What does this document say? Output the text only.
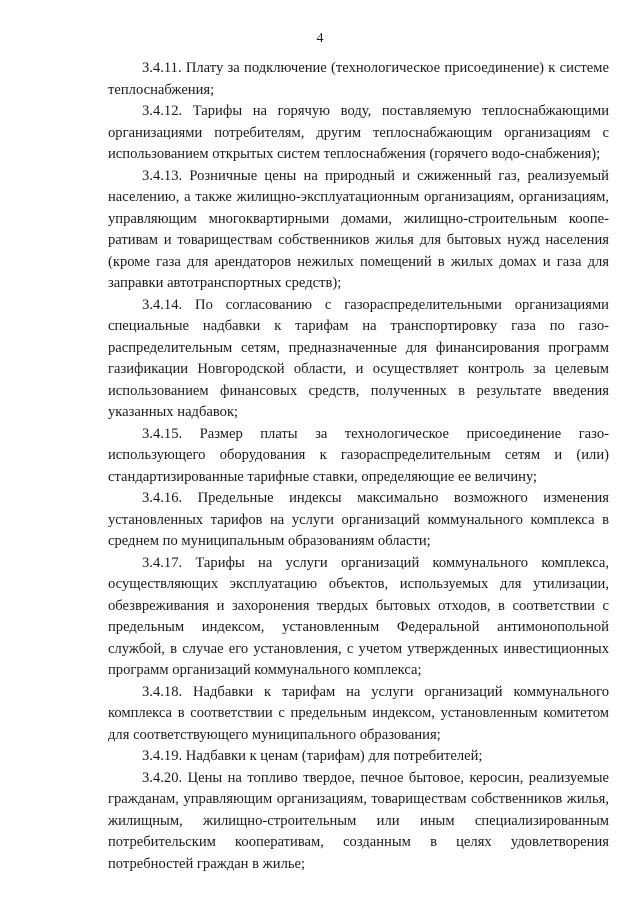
4

3.4.11. Плату за подключение (технологическое присоединение) к системе теплоснабжения;

3.4.12. Тарифы на горячую воду, поставляемую теплоснабжающими организациями потребителям, другим теплоснабжающим организациям с использованием открытых систем теплоснабжения (горячего водо-снабжения);

3.4.13. Розничные цены на природный и сжиженный газ, реализуемый населению, а также жилищно-эксплуатационным организациям, организациям, управляющим многоквартирными домами, жилищно-строительным коопе-ративам и товариществам собственников жилья для бытовых нужд населения (кроме газа для арендаторов нежилых помещений в жилых домах и газа для заправки автотранспортных средств);

3.4.14. По согласованию с газораспределительными организациями специальные надбавки к тарифам на транспортировку газа по газо-распределительным сетям, предназначенные для финансирования программ газификации Новгородской области, и осуществляет контроль за целевым использованием финансовых средств, полученных в результате введения указанных надбавок;

3.4.15. Размер платы за технологическое присоединение газо-использующего оборудования к газораспределительным сетям и (или) стандартизированные тарифные ставки, определяющие ее величину;

3.4.16. Предельные индексы максимально возможного изменения установленных тарифов на услуги организаций коммунального комплекса в среднем по муниципальным образованиям области;

3.4.17. Тарифы на услуги организаций коммунального комплекса, осуществляющих эксплуатацию объектов, используемых для утилизации, обезвреживания и захоронения твердых бытовых отходов, в соответствии с предельным индексом, установленным Федеральной антимонопольной службой, в случае его установления, с учетом утвержденных инвестиционных программ организаций коммунального комплекса;

3.4.18. Надбавки к тарифам на услуги организаций коммунального комплекса в соответствии с предельным индексом, установленным комитетом для соответствующего муниципального образования;

3.4.19. Надбавки к ценам (тарифам) для потребителей;

3.4.20. Цены на топливо твердое, печное бытовое, керосин, реализуемые гражданам, управляющим организациям, товариществам собственников жилья, жилищным, жилищно-строительным или иным специализированным потребительским кооперативам, созданным в целях удовлетворения потребностей граждан в жилье;
